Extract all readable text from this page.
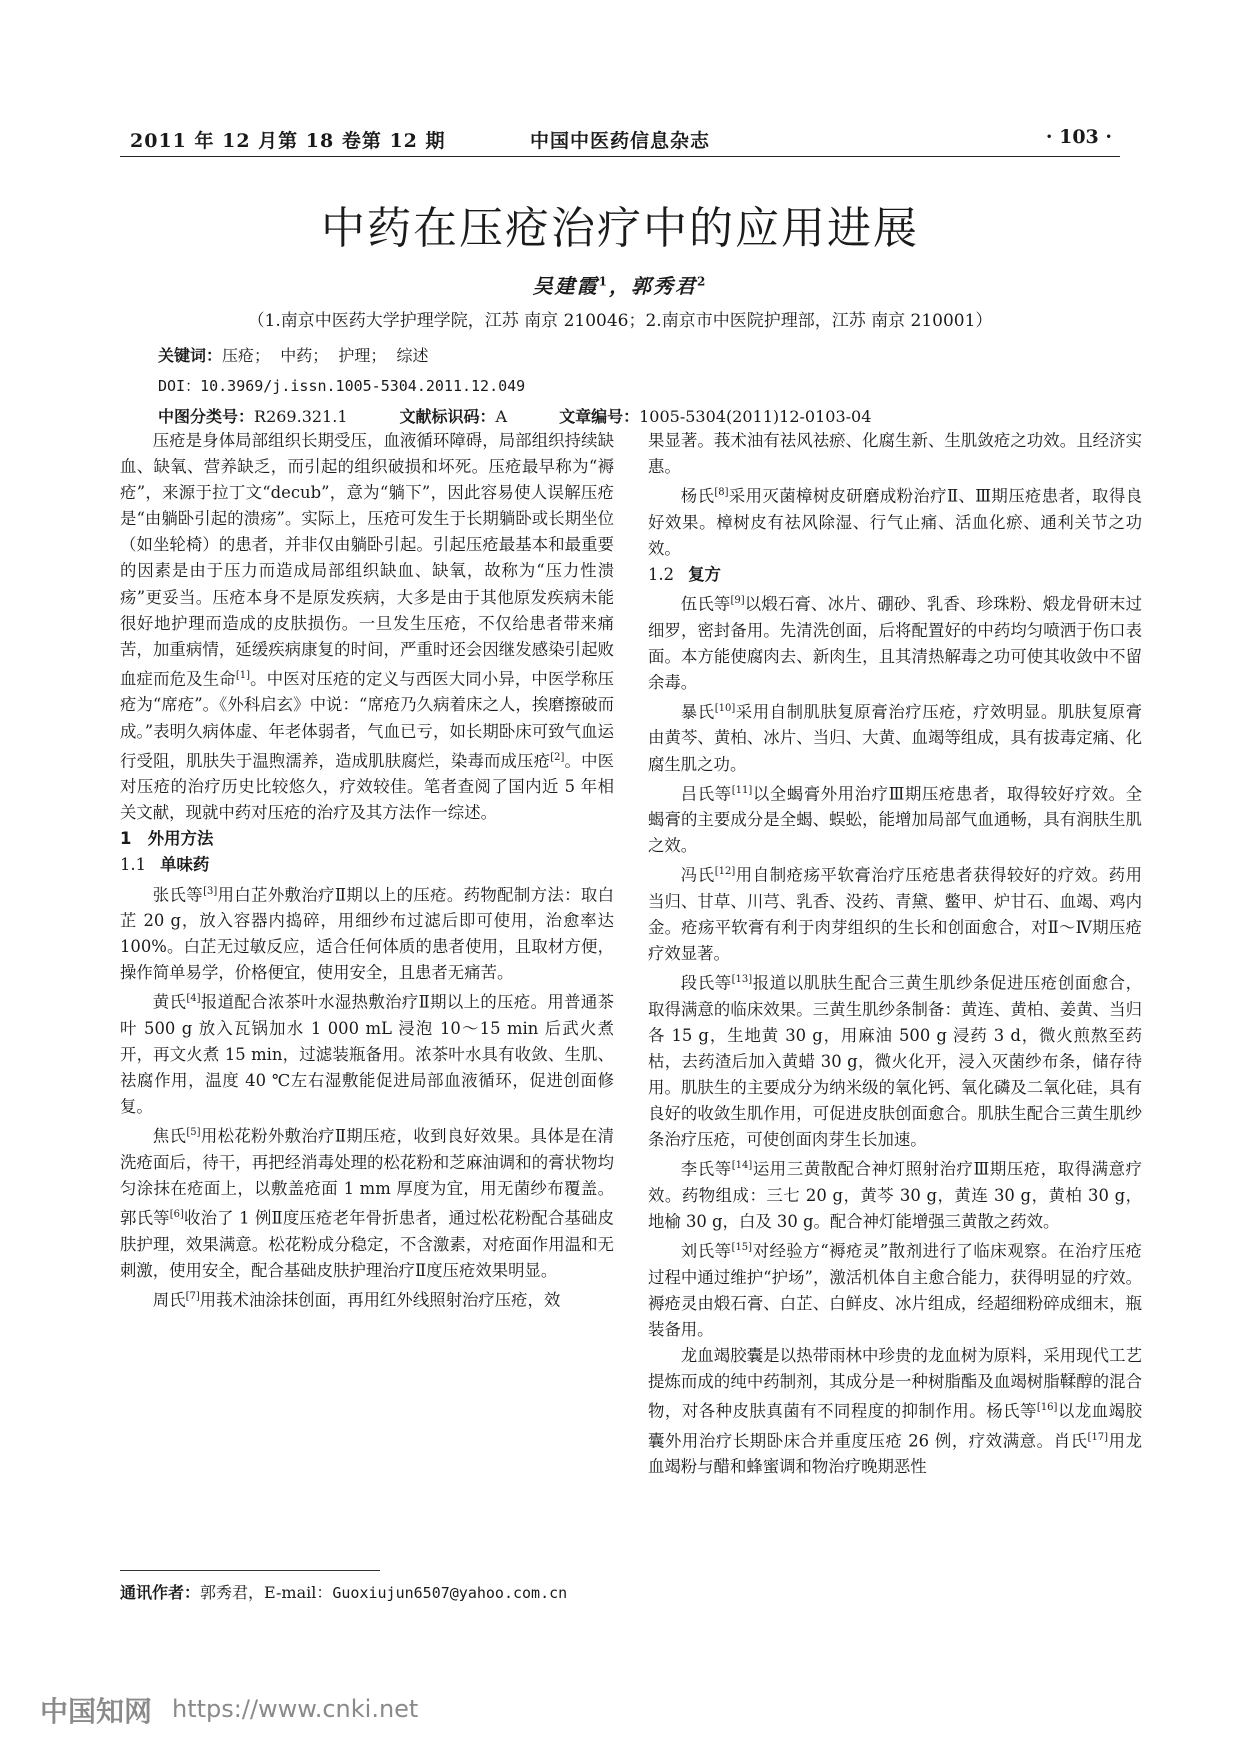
2011 年 12 月第 18 卷第 12 期	中国中医药信息杂志	· 103 ·
中药在压疮治疗中的应用进展
吴建霞$^1$，郭秀君$^2$
（1.南京中医药大学护理学院，江苏 南京 210046；2.南京市中医院护理部，江苏 南京 210001）
关键词：压疮；  中药；  护理；  综述
DOI：10.3969/j.issn.1005-5304.2011.12.049
中图分类号：R269.321.1	文献标识码：A	文章编号：1005-5304(2011)12-0103-04

压疮是身体局部组织长期受压，血液循环障碍，局部组织持续缺血、缺氧、营养缺乏，而引起的组织破损和坏死。压疮最早称为“褥疮”，来源于拉丁文“decub”，意为“躺下”，因此容易使人误解压疮是“由躺卧引起的溃疡”。实际上，压疮可发生于长期躺卧或长期坐位（如坐轮椅）的患者，并非仅由躺卧引起。引起压疮最基本和最重要的因素是由于压力而造成局部组织缺血、缺氧，故称为“压力性溃疡”更妥当。压疮本身不是原发疾病，大多是由于其他原发疾病未能很好地护理而造成的皮肤损伤。一旦发生压疮，不仅给患者带来痛苦，加重病情，延缓疾病康复的时间，严重时还会因继发感染引起败血症而危及生命[1]。中医对压疮的定义与西医大同小异，中医学称压疮为“席疮”。《外科启玄》中说：“席疮乃久病着床之人，挨磨擦破而成。”表明久病体虚、年老体弱者，气血已亏，如长期卧床可致气血运行受阻，肌肤失于温煦濡养，造成肌肤腐烂，染毒而成压疮[2]。中医对压疮的治疗历史比较悠久，疗效较佳。笔者查阅了国内近 5 年相关文献，现就中药对压疮的治疗及其方法作一综述。

1　外用方法
1.1 单味药

张氏等[3]用白芷外敷治疗Ⅱ期以上的压疮。药物配制方法：取白芷 20 g，放入容器内捣碎，用细纱布过滤后即可使用，治愈率达 100%。白芷无过敏反应，适合任何体质的患者使用，且取材方便，操作简单易学，价格便宜，使用安全，且患者无痛苦。

黄氏[4]报道配合浓茶叶水湿热敷治疗Ⅱ期以上的压疮。用普通茶叶 500 g 放入瓦锅加水 1 000 mL 浸泡 10～15 min 后武火煮开，再文火煮 15 min，过滤装瓶备用。浓茶叶水具有收敛、生肌、祛腐作用，温度 40 ℃左右湿敷能促进局部血液循环，促进创面修复。

焦氏[5]用松花粉外敷治疗Ⅱ期压疮，收到良好效果。具体是在清洗疮面后，待干，再把经消毒处理的松花粉和芝麻油调和的膏状物均匀涂抹在疮面上，以敷盖疮面 1 mm 厚度为宜，用无菌纱布覆盖。郭氏等[6]收治了 1 例Ⅱ度压疮老年骨折患者，通过松花粉配合基础皮肤护理，效果满意。松花粉成分稳定，不含激素，对疮面作用温和无刺激，使用安全，配合基础皮肤护理治疗Ⅱ度压疮效果明显。

周氏[7]用莪术油涂抹创面，再用红外线照射治疗压疮，效

果显著。莪术油有祛风祛瘀、化腐生新、生肌敛疮之功效。且经济实惠。

杨氏[8]采用灭菌樟树皮研磨成粉治疗Ⅱ、Ⅲ期压疮患者，取得良好效果。樟树皮有祛风除湿、行气止痛、活血化瘀、通利关节之功效。

1.2 复方

伍氏等[9]以煅石膏、冰片、硼砂、乳香、珍珠粉、煅龙骨研末过细罗，密封备用。先清洗创面，后将配置好的中药均匀喷洒于伤口表面。本方能使腐肉去、新肉生，且其清热解毒之功可使其收敛中不留余毒。

暴氏[10]采用自制肌肤复原膏治疗压疮，疗效明显。肌肤复原膏由黄芩、黄柏、冰片、当归、大黄、血竭等组成，具有拔毒定痛、化腐生肌之功。

吕氏等[11]以全蝎膏外用治疗Ⅲ期压疮患者，取得较好疗效。全蝎膏的主要成分是全蝎、蜈蚣，能增加局部气血通畅，具有润肤生肌之效。

冯氏[12]用自制疮疡平软膏治疗压疮患者获得较好的疗效。药用当归、甘草、川芎、乳香、没药、青黛、鳖甲、炉甘石、血竭、鸡内金。疮疡平软膏有利于肉芽组织的生长和创面愈合，对Ⅱ～Ⅳ期压疮疗效显著。

段氏等[13]报道以肌肤生配合三黄生肌纱条促进压疮创面愈合，取得满意的临床效果。三黄生肌纱条制备：黄连、黄柏、姜黄、当归各 15 g，生地黄 30 g，用麻油 500 g 浸药 3 d，微火煎熬至药枯，去药渣后加入黄蜡 30 g，微火化开，浸入灭菌纱布条，储存待用。肌肤生的主要成分为纳米级的氧化钙、氧化磷及二氧化硅，具有良好的收敛生肌作用，可促进皮肤创面愈合。肌肤生配合三黄生肌纱条治疗压疮，可使创面肉芽生长加速。

李氏等[14]运用三黄散配合神灯照射治疗Ⅲ期压疮，取得满意疗效。药物组成：三七 20 g，黄芩 30 g，黄连 30 g，黄柏 30 g，地榆 30 g，白及 30 g。配合神灯能增强三黄散之药效。

刘氏等[15]对经验方“褥疮灵”散剂进行了临床观察。在治疗压疮过程中通过维护“护场”，激活机体自主愈合能力，获得明显的疗效。褥疮灵由煅石膏、白芷、白鲜皮、冰片组成，经超细粉碎成细末，瓶装备用。

龙血竭胶囊是以热带雨林中珍贵的龙血树为原料，采用现代工艺提炼而成的纯中药制剂，其成分是一种树脂酯及血竭树脂鞣醇的混合物，对各种皮肤真菌有不同程度的抑制作用。杨氏等[16]以龙血竭胶囊外用治疗长期卧床合并重度压疮 26 例，疗效满意。肖氏[17]用龙血竭粉与醋和蜂蜜调和物治疗晚期恶性

通讯作者：郭秀君，E-mail：Guoxiujun6507@yahoo.com.cn
中国知网 https://www.cnki.net
